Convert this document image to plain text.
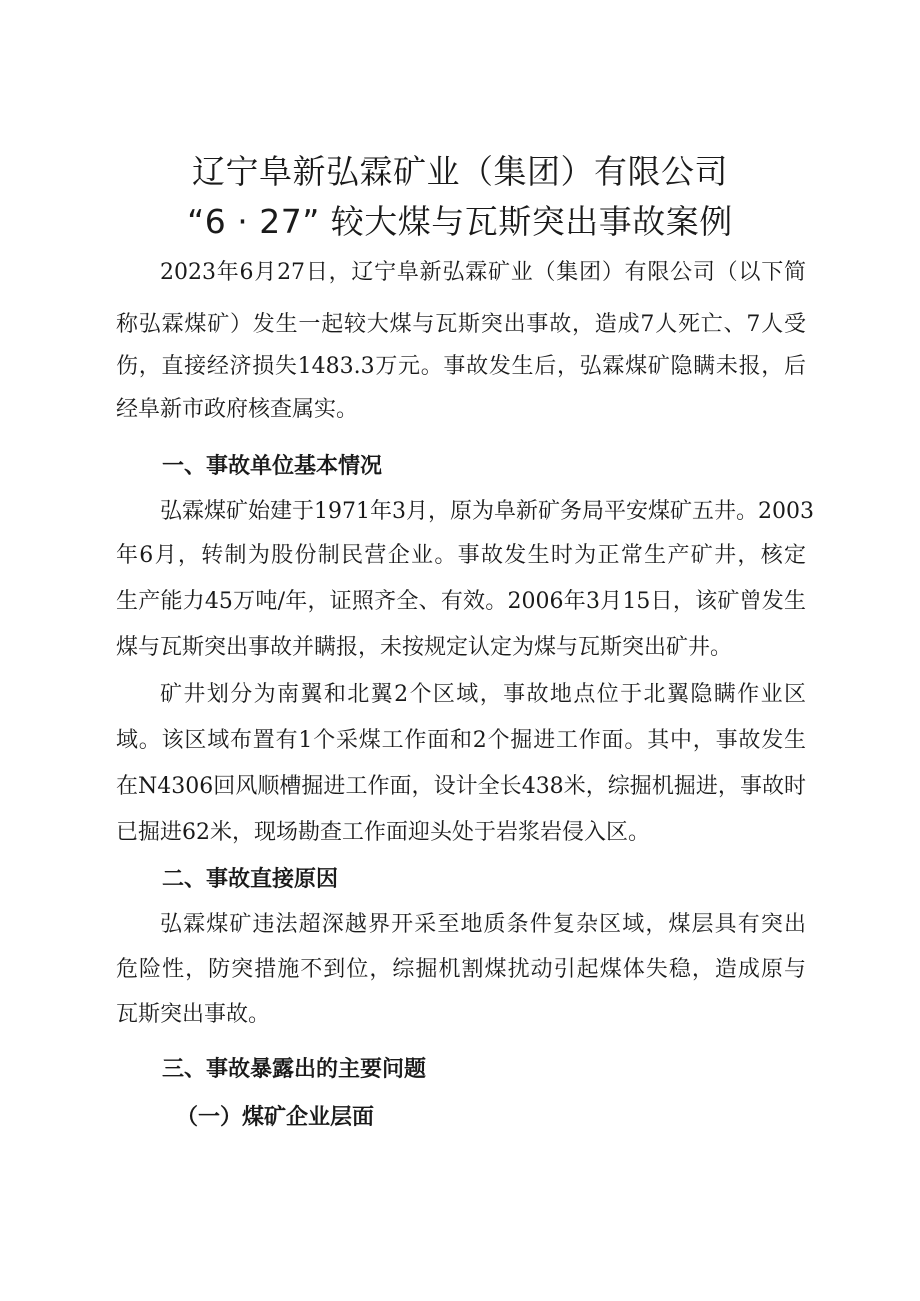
辽宁阜新弘霖矿业（集团）有限公司
“6 · 27” 较大煤与瓦斯突出事故案例

2023年6月27日，辽宁阜新弘霖矿业（集团）有限公司（以下简

称弘霖煤矿）发生一起较大煤与瓦斯突出事故，造成7人死亡、7人受

伤，直接经济损失1483.3万元。事故发生后，弘霖煤矿隐瞒未报，后

经阜新市政府核查属实。

一、事故单位基本情况

弘霖煤矿始建于1971年3月，原为阜新矿务局平安煤矿五井。2003

年6月，转制为股份制民营企业。事故发生时为正常生产矿井，核定

生产能力45万吨/年，证照齐全、有效。2006年3月15日，该矿曾发生

煤与瓦斯突出事故并瞒报，未按规定认定为煤与瓦斯突出矿井。

矿井划分为南翼和北翼2个区域，事故地点位于北翼隐瞒作业区

域。该区域布置有1个采煤工作面和2个掘进工作面。其中，事故发生

在N4306回风顺槽掘进工作面，设计全长438米，综掘机掘进，事故时

已掘进62米，现场勘查工作面迎头处于岩浆岩侵入区。

二、事故直接原因

弘霖煤矿违法超深越界开采至地质条件复杂区域，煤层具有突出

危险性，防突措施不到位，综掘机割煤扰动引起煤体失稳，造成原与

瓦斯突出事故。

三、事故暴露出的主要问题
（一）煤矿企业层面
